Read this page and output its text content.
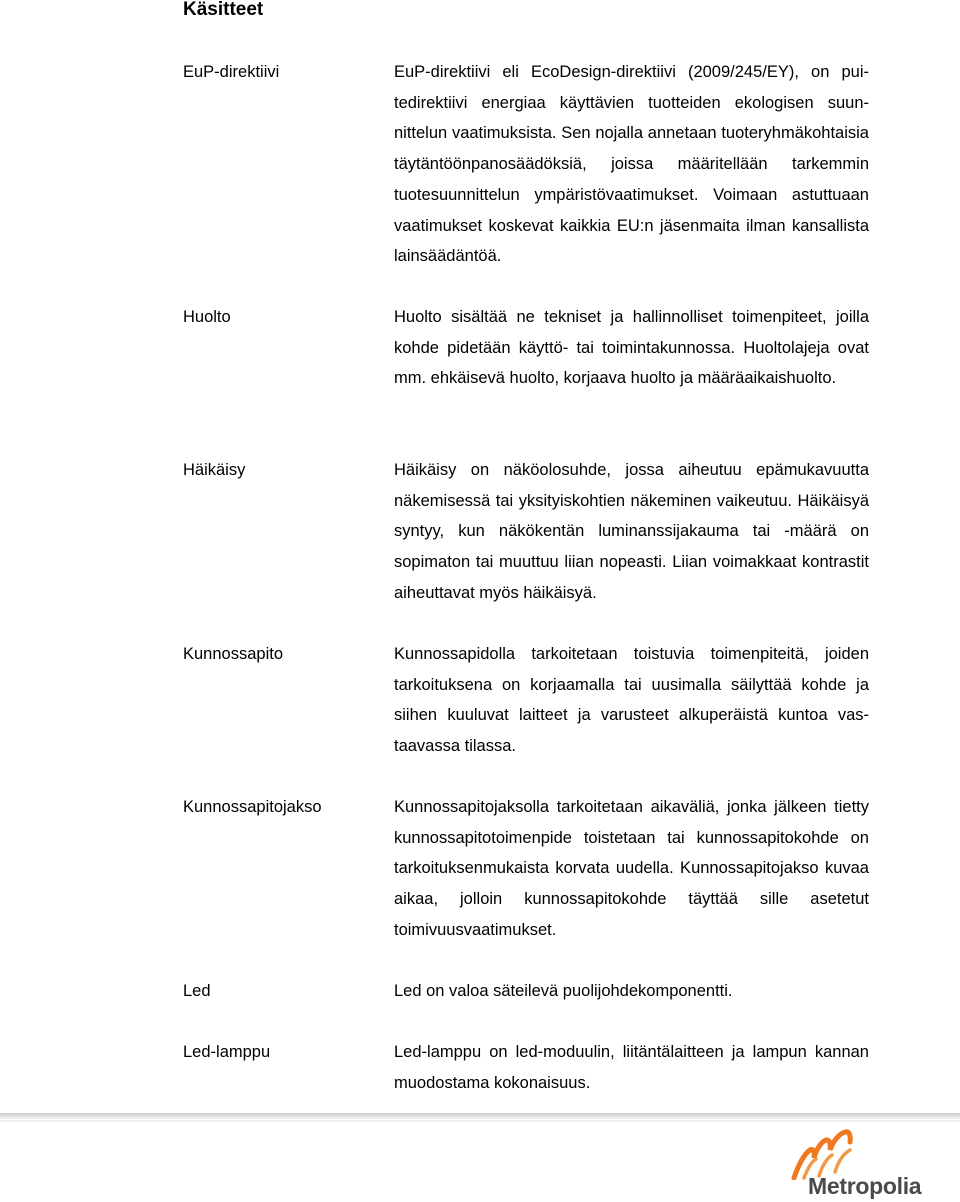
Käsitteet
EuP-direktiivi	EuP-direktiivi eli EcoDesign-direktiivi (2009/245/EY), on puitedirektiivi energiaa käyttävien tuotteiden ekologisen suunnittelun vaatimuksista. Sen nojalla annetaan tuoteryhmäkohtaisia täytäntöönpanosäädöksiä, joissa määritellään tarkemmin tuotesuunnittelun ympäristövaatimukset. Voimaan astuttuaan vaatimukset koskevat kaikkia EU:n jäsenmaita ilman kansallista lainsäädäntöä.
Huolto	Huolto sisältää ne tekniset ja hallinnolliset toimenpiteet, joilla kohde pidetään käyttö- tai toimintakunnossa. Huoltolajeja ovat mm. ehkäisevä huolto, korjaava huolto ja määräaikaishuolto.
Häikäisy	Häikäisy on näköolosuhde, jossa aiheutuu epämukavuutta näkemisessä tai yksityiskohtien näkeminen vaikeutuu. Häikäisyä syntyy, kun näkökentän luminanssijakauma tai -määrä on sopimaton tai muuttuu liian nopeasti. Liian voimakkaat kontrastit aiheuttavat myös häikäisyä.
Kunnossapito	Kunnossapidolla tarkoitetaan toistuvia toimenpiteitä, joiden tarkoituksena on korjaamalla tai uusimalla säilyttää kohde ja siihen kuuluvat laitteet ja varusteet alkuperäistä kuntoa vastaavassa tilassa.
Kunnossapitojakso	Kunnossapitojaksolla tarkoitetaan aikaväliä, jonka jälkeen tietty kunnossapitotoimenpide toistetaan tai kunnossapitokohde on tarkoituksenmukaista korvata uudella. Kunnossapitojakso kuvaa aikaa, jolloin kunnossapitokohde täyttää sille asetetut toimivuusvaatimukset.
Led	Led on valoa säteilevä puolijohdekomponentti.
Led-lamppu	Led-lamppu on led-moduulin, liitäntälaitteen ja lampun kannan muodostama kokonaisuus.
Metropolia
